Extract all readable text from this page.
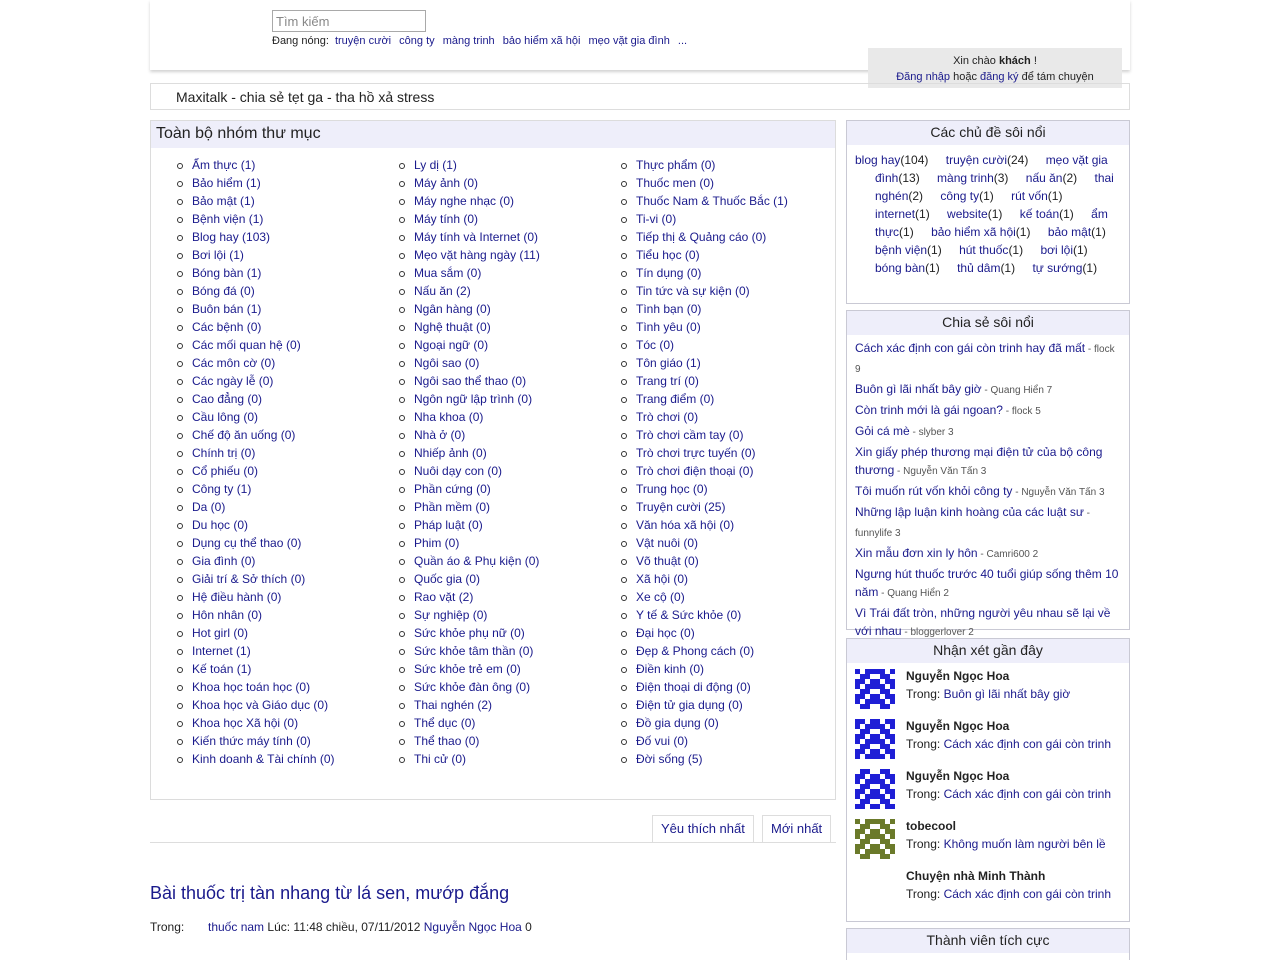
Tìm kiếm
Đang nóng: truyện cười công ty màng trinh bảo hiểm xã hội mẹo vặt gia đình ...
Xin chào khách !
Đăng nhập hoặc đăng ký để tám chuyện
Maxitalk - chia sẻ tẹt ga - tha hồ xả stress
Toàn bộ nhóm thư mục
Ẩm thực (1)
Bảo hiểm (1)
Bảo mật (1)
Bệnh viện (1)
Blog hay (103)
Bơi lội (1)
Bóng bàn (1)
Bóng đá (0)
Buôn bán (1)
Các bệnh (0)
Các mối quan hệ (0)
Các môn cờ (0)
Các ngày lễ (0)
Cao đẳng (0)
Cầu lông (0)
Chế độ ăn uống (0)
Chính trị (0)
Cổ phiếu (0)
Công ty (1)
Da (0)
Du học (0)
Dụng cụ thể thao (0)
Gia đình (0)
Giải trí & Sở thích (0)
Hệ điều hành (0)
Hôn nhân (0)
Hot girl (0)
Internet (1)
Kế toán (1)
Khoa học toán học (0)
Khoa học và Giáo dục (0)
Khoa học Xã hội (0)
Kiến thức máy tính (0)
Kinh doanh & Tài chính (0)
Ly dị (1)
Máy ảnh (0)
Máy nghe nhạc (0)
Máy tính (0)
Máy tính và Internet (0)
Mẹo vặt hàng ngày (11)
Mua sắm (0)
Nấu ăn (2)
Ngân hàng (0)
Nghệ thuật (0)
Ngoại ngữ (0)
Ngôi sao (0)
Ngôi sao thể thao (0)
Ngôn ngữ lập trình (0)
Nha khoa (0)
Nhà ở (0)
Nhiếp ảnh (0)
Nuôi dạy con (0)
Phần cứng (0)
Phần mềm (0)
Pháp luật (0)
Phim (0)
Quần áo & Phụ kiện (0)
Quốc gia (0)
Rao vặt (2)
Sự nghiệp (0)
Sức khỏe phụ nữ (0)
Sức khỏe tâm thần (0)
Sức khỏe trẻ em (0)
Sức khỏe đàn ông (0)
Thai nghén (2)
Thể dục (0)
Thể thao (0)
Thi cử (0)
Thực phẩm (0)
Thuốc men (0)
Thuốc Nam & Thuốc Bắc (1)
Ti-vi (0)
Tiếp thị & Quảng cáo (0)
Tiểu học (0)
Tín dụng (0)
Tin tức và sự kiện (0)
Tình bạn (0)
Tình yêu (0)
Tóc (0)
Tôn giáo (1)
Trang trí (0)
Trang điểm (0)
Trò chơi (0)
Trò chơi cầm tay (0)
Trò chơi trực tuyến (0)
Trò chơi điện thoại (0)
Trung học (0)
Truyện cười (25)
Văn hóa xã hội (0)
Vật nuôi (0)
Võ thuật (0)
Xã hội (0)
Xe cộ (0)
Y tế & Sức khỏe (0)
Đại học (0)
Đẹp & Phong cách (0)
Điền kinh (0)
Điện thoại di động (0)
Điện tử gia dụng (0)
Đồ gia dụng (0)
Đố vui (0)
Đời sống (5)
Yêu thích nhất	Mới nhất
Bài thuốc trị tàn nhang từ lá sen, mướp đắng
Trong: thuốc nam Lúc: 11:48 chiều, 07/11/2012 Nguyễn Ngọc Hoa 0
Các chủ đề sôi nổi
blog hay(104) truyện cười(24) mẹo vặt gia đình(13) màng trinh(3) nấu ăn(2) thai nghén(2) công ty(1) rút vốn(1) internet(1) website(1) kế toán(1) ẩm thực(1) bảo hiểm xã hội(1) bảo mật(1) bệnh viện(1) hút thuốc(1) bơi lội(1) bóng bàn(1) thủ dâm(1) tự sướng(1)
Chia sẻ sôi nổi
Cách xác định con gái còn trinh hay đã mất - flock 9
Buôn gì lãi nhất bây giờ - Quang Hiển 7
Còn trinh mới là gái ngoan? - flock 5
Gỏi cá mè - slyber 3
Xin giấy phép thương mại điện tử của bộ công thương - Nguyễn Văn Tấn 3
Tôi muốn rút vốn khỏi công ty - Nguyễn Văn Tấn 3
Những lập luận kinh hoàng của các luật sư - funnylife 3
Xin mẫu đơn xin ly hôn - Camri600 2
Ngưng hút thuốc trước 40 tuổi giúp sống thêm 10 năm - Quang Hiển 2
Vì Trái đất tròn, những người yêu nhau sẽ lại về với nhau - bloggerlover 2
Nhận xét gần đây
Nguyễn Ngọc Hoa
Trong: Buôn gì lãi nhất bây giờ
Nguyễn Ngọc Hoa
Trong: Cách xác định con gái còn trinh
Nguyễn Ngọc Hoa
Trong: Cách xác định con gái còn trinh
tobecool
Trong: Không muốn làm người bên lề
Chuyện nhà Minh Thành
Trong: Cách xác định con gái còn trinh
Thành viên tích cực
